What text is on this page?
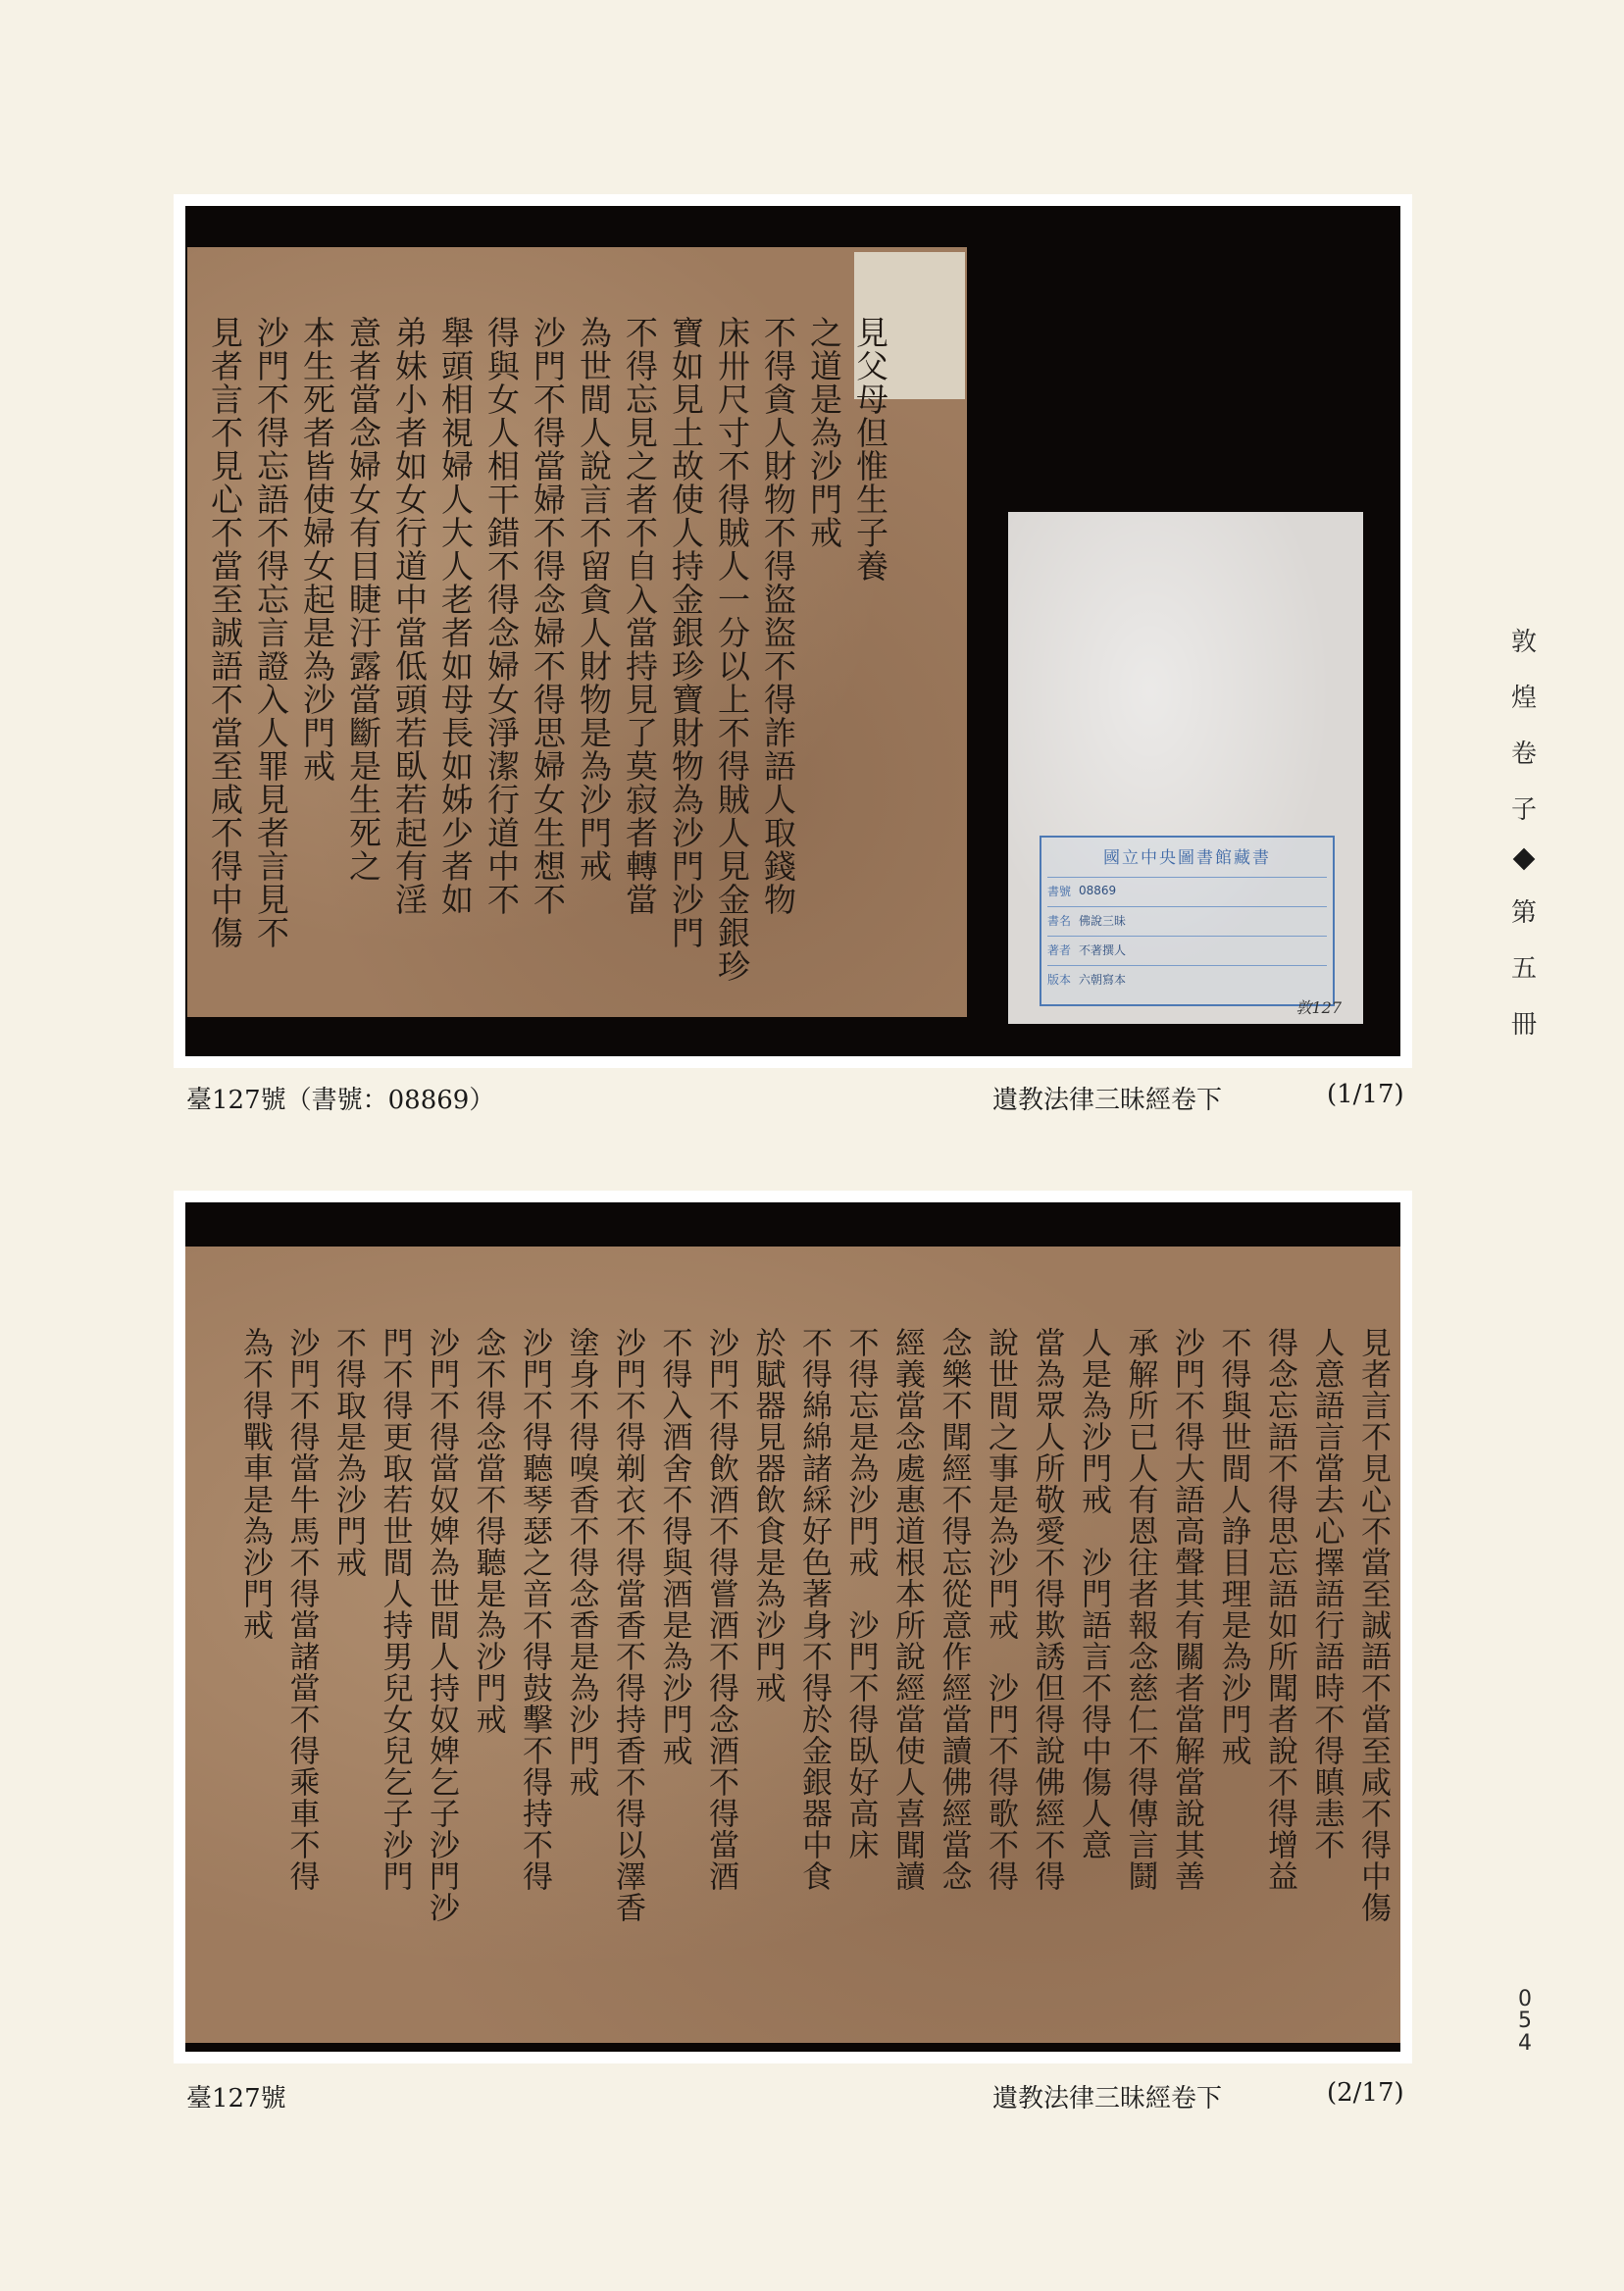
見父母但惟生子養
之道是為沙門戒
不得貪人財物不得盜盜不得詐語人取錢物
床卅尺寸不得賊人一分以上不得賊人見金銀珍
寶如見土故使人持金銀珍寶財物為沙門沙門
不得忘見之者不自入當持見了莫寂者轉當
為世間人說言不留貪人財物是為沙門戒
沙門不得當婦不得念婦不得思婦女生想不
得與女人相干錯不得念婦女淨潔行道中不
舉頭相視婦人大人老者如母長如姊少者如
弟妹小者如女行道中當低頭若臥若起有淫
意者當念婦女有目睫汙露當斷是生死之
本生死者皆使婦女起是為沙門戒
沙門不得忘語不得忘言證入人罪見者言見不
見者言不見心不當至誠語不當至咸不得中傷	國立中央圖書館藏書
書號 08869
書名 佛說三昧
著者 不著撰人
版本 六朝寫本
敦127
臺127號（書號：08869）	遺教法律三昧經卷下	(1/17)
見者言不見心不當至誠語不當至咸不得中傷
人意語言當去心擇語行語時不得瞋恚不
得念忘語不得思忘語如所聞者說不得增益
不得與世間人諍目理是為沙門戒
沙門不得大語高聲其有關者當解當說其善
承解所已人有恩往者報念慈仁不得傳言鬪
人是為沙門戒　沙門語言不得中傷人意
當為眾人所敬愛不得欺誘但得說佛經不得
說世間之事是為沙門戒　沙門不得歌不得
念樂不聞經不得忘從意作經當讀佛經當念
經義當念處惠道根本所說經當使人喜聞讀
不得忘是為沙門戒　沙門不得臥好高床
不得綿綿諸綵好色著身不得於金銀器中食
於賦器見器飲食是為沙門戒
沙門不得飲酒不得嘗酒不得念酒不得當酒
不得入酒舍不得與酒是為沙門戒
沙門不得剃衣不得當香不得持香不得以澤香
塗身不得嗅香不得念香是為沙門戒
沙門不得聽琴瑟之音不得鼓擊不得持不得
念不得念當不得聽是為沙門戒
沙門不得當奴婢為世間人持奴婢乞子沙門沙
門不得更取若世間人持男兒女兒乞子沙門
不得取是為沙門戒
沙門不得當牛馬不得當諸當不得乘車不得
為不得戰車是為沙門戒
臺127號	遺教法律三昧經卷下	(2/17)
敦
煌
卷
子
第
五
冊
0
5
4
